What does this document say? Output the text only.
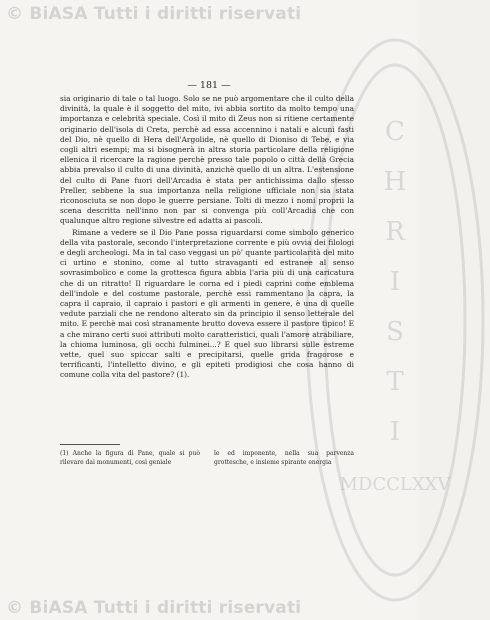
© BiASA Tutti i diritti riservati
C
H
R
I
S
T
I
MDCCLXXV
— 181 —

sia originario di tale o tal luogo. Solo se ne può argomentare che il culto della divinità, la quale è il soggetto del mito, ivi abbia sortito da molto tempo una importanza e celebrità speciale. Così il mito di Zeus non si ritiene certamente originario dell'isola di Creta, perchè ad essa accennino i natali e alcuni fasti del Dio, nè quello di Hera dell'Argolide, nè quello di Dioniso di Tebe, e via cogli altri esempi; ma si bisognerà in altra storia particolare della religione ellenica il ricercare la ragione perchè presso tale popolo o città della Grecia abbia prevalso il culto di una divinità, anzichè quello di un altra. L'estensione del culto di Pane fuori dell'Arcadia è stata per antichissima dallo stesso Preller, sebbene la sua importanza nella religione ufficiale non sia stata riconosciuta se non dopo le guerre persiane. Tolti di mezzo i nomi proprii la scena descritta nell'inno non par si convenga più coll'Arcadia che con qualunque altro regione silvestre ed adatta ai pascoli.

Rimane a vedere se il Dio Pane possa riguardarsi come simbolo generico della vita pastorale, secondo l'interpretazione corrente e più ovvia dei filologi e degli archeologi. Ma in tal caso veggasi un pò' quante particolarità del mito ci urtino e stonino, come al tutto stravaganti ed estranee al senso sovrasimbolico e come la grottesca figura abbia l'aria più di una caricatura che di un ritratto! Il riguardare le corna ed i piedi caprini come emblema dell'indole e del costume pastorale, perchè essi rammentano la capra, la capra il capraio, il capraio i pastori e gli armenti in genere, è una di quelle vedute parziali che ne rendono alterato sin da principio il senso letterale del mito. E perchè mai così stranamente brutto doveva essere il pastore tipico! E a che mirano certi suoi attributi molto caratteristici, quali l'amore atrabiliare, la chioma luminosa, gli occhi fulminei...? E quel suo librarsi sulle estreme vette, quel suo spiccar salti e precipitarsi, quelle grida fragorose e terrificanti, l'intelletto divino, e gli epiteti prodigiosi che cosa hanno di comune colla vita del pastore? (1).

(1) Anche la figura di Pane, quale si può rilevare dai monumenti, così geniale
le ed imponente, nella sua parvenza grottesche, e insieme spirante energia
© BiASA Tutti i diritti riservati
